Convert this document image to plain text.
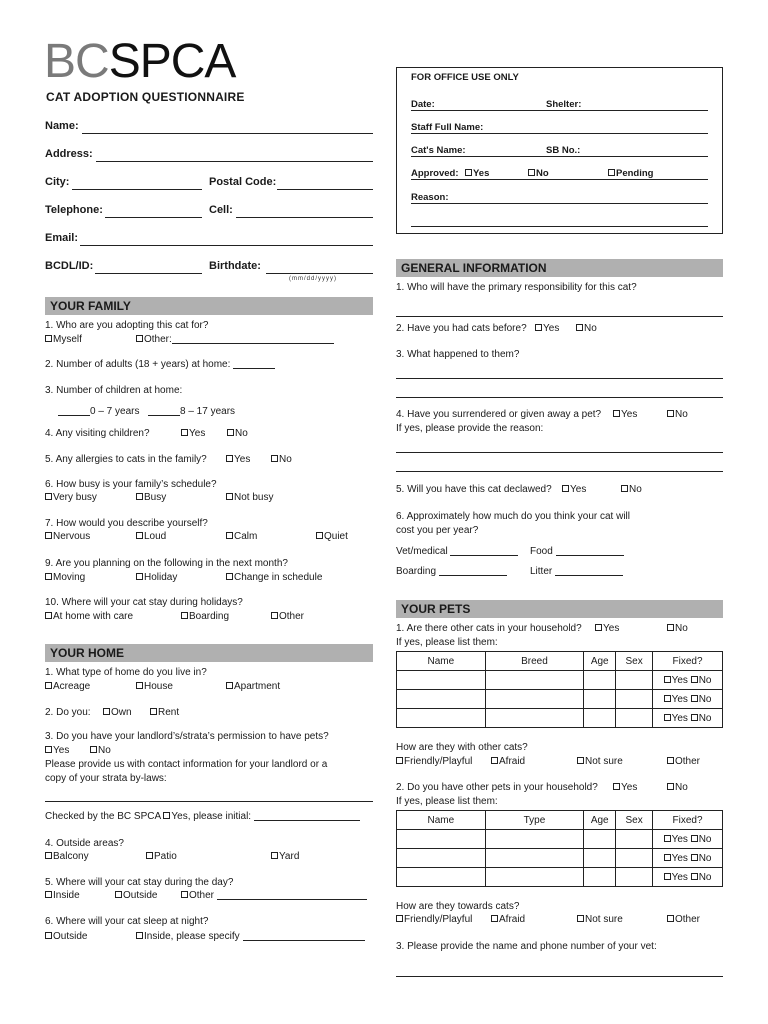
BCSPCA
CAT ADOPTION QUESTIONNAIRE
Name:
Address:
City:	Postal Code:
Telephone:	Cell:
Email:
BCDL/ID:	Birthdate:
(mm/dd/yyyy)
FOR OFFICE USE ONLY
Date:	Shelter:
Staff Full Name:
Cat's Name:	SB No.:
Approved:	Yes	No	Pending
Reason:
YOUR FAMILY
1. Who are you adopting this cat for?
Myself	Other:
2. Number of adults (18 + years) at home:
3. Number of children at home:
0 – 7 years	8 – 17 years
4. Any visiting children?	Yes	No
5. Any allergies to cats in the family?	Yes	No
6. How busy is your family’s schedule?
Very busy	Busy	Not busy
7. How would you describe yourself?
Nervous	Loud	Calm	Quiet
9. Are you planning on the following in the next month?
Moving	Holiday	Change in schedule
10. Where will your cat stay during holidays?
At home with care	Boarding	Other
YOUR HOME
1. What type of home do you live in?
Acreage	House	Apartment
2. Do you:	Own	Rent
3. Do you have your landlord’s/strata’s permission to have pets?
Yes	No
Please provide us with contact information for your landlord or a
copy of your strata by-laws:
Checked by the BC SPCA Yes, please initial:
4. Outside areas?
Balcony	Patio	Yard
5. Where will your cat stay during the day?
Inside	Outside	Other
6. Where will your cat sleep at night?
Outside	Inside, please specify
GENERAL INFORMATION
1. Who will have the primary responsibility for this cat?
2. Have you had cats before?	Yes	No
3. What happened to them?
4. Have you surrendered or given away a pet?	Yes	No
If yes, please provide the reason:
5. Will you have this cat declawed?	Yes	No
6. Approximately how much do you think your cat will
cost you per year?
Vet/medical	Food
Boarding	Litter
YOUR PETS
1. Are there other cats in your household?	Yes	No
If yes, please list them:
Name	Breed	Age	Sex	Fixed?
				Yes No
				Yes No
				Yes No
How are they with other cats?
Friendly/Playful	Afraid	Not sure	Other
2. Do you have other pets in your household?	Yes	No
If yes, please list them:
Name	Type	Age	Sex	Fixed?
				Yes No
				Yes No
				Yes No
How are they towards cats?
Friendly/Playful	Afraid	Not sure	Other
3. Please provide the name and phone number of your vet:
